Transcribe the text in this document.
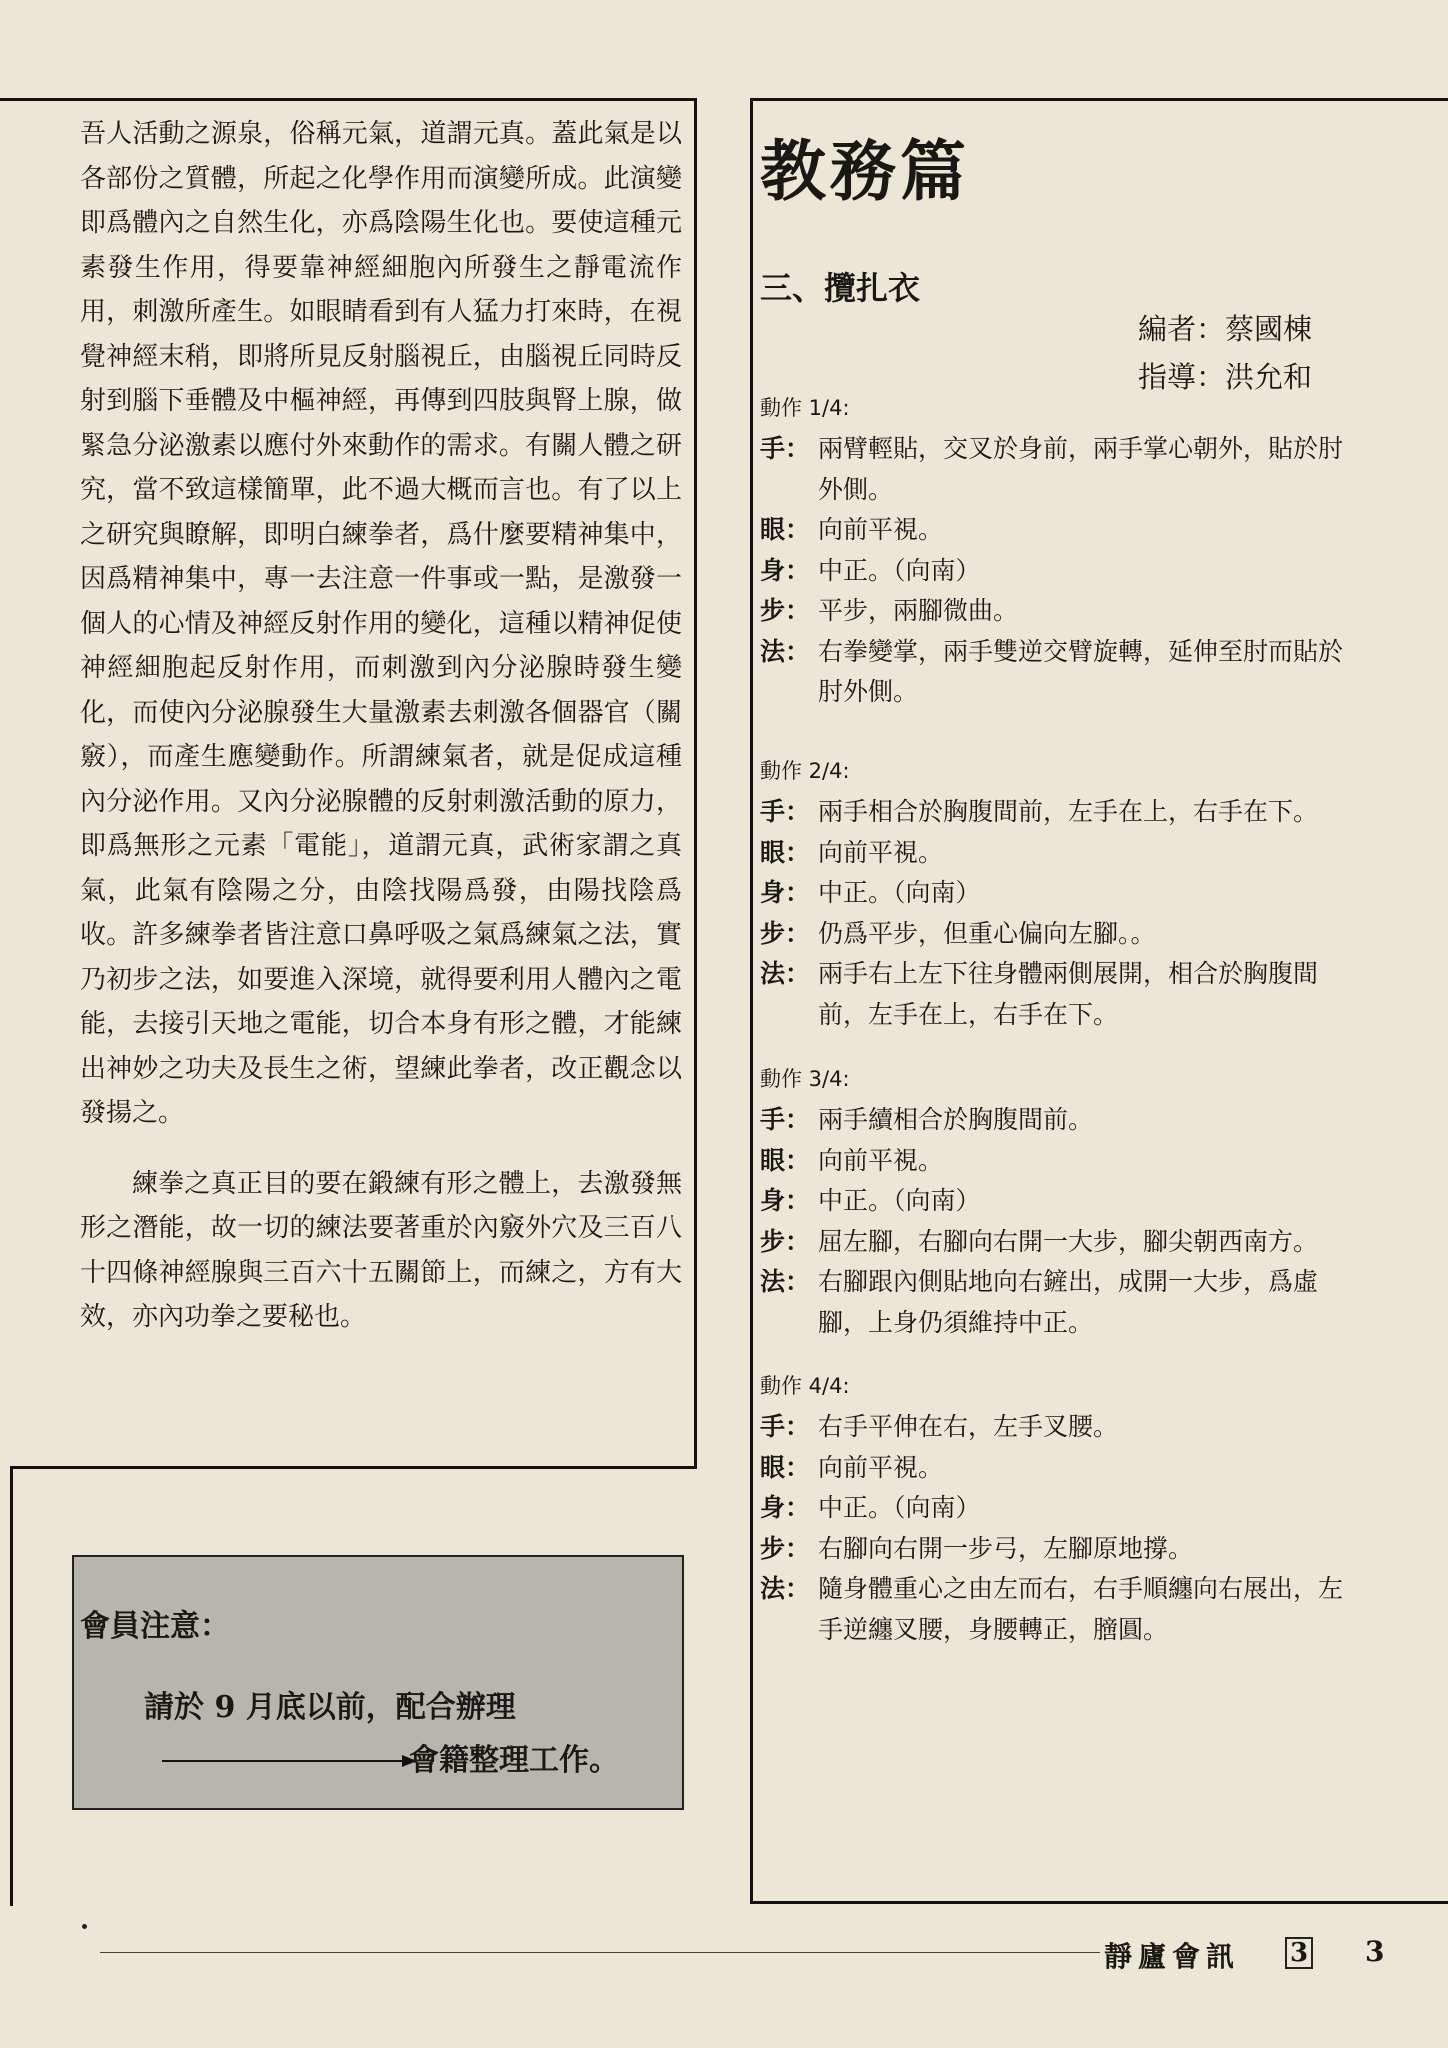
吾人活動之源泉，俗稱元氣，道謂元真。蓋此氣是以各部份之質體，所起之化學作用而演變所成。此演變即爲體內之自然生化，亦爲陰陽生化也。要使這種元素發生作用，得要靠神經細胞內所發生之靜電流作用，刺激所產生。如眼睛看到有人猛力打來時，在視覺神經末稍，即將所見反射腦視丘，由腦視丘同時反射到腦下垂體及中樞神經，再傳到四肢與腎上腺，做緊急分泌激素以應付外來動作的需求。有關人體之研究，當不致這樣簡單，此不過大概而言也。有了以上之研究與瞭解，即明白練拳者，爲什麼要精神集中，因爲精神集中，專一去注意一件事或一點，是激發一個人的心情及神經反射作用的變化，這種以精神促使神經細胞起反射作用，而刺激到內分泌腺時發生變化，而使內分泌腺發生大量激素去刺激各個器官（關竅），而產生應變動作。所謂練氣者，就是促成這種內分泌作用。又內分泌腺體的反射刺激活動的原力，即爲無形之元素「電能」，道謂元真，武術家謂之真氣，此氣有陰陽之分，由陰找陽爲發，由陽找陰爲收。許多練拳者皆注意口鼻呼吸之氣爲練氣之法，實乃初步之法，如要進入深境，就得要利用人體內之電能，去接引天地之電能，切合本身有形之體，才能練出神妙之功夫及長生之術，望練此拳者，改正觀念以發揚之。

練拳之真正目的要在鍛練有形之體上，去激發無形之潛能，故一切的練法要著重於內竅外穴及三百八十四條神經腺與三百六十五關節上，而練之，方有大效，亦內功拳之要秘也。

會員注意：
請於 9 月底以前，配合辦理
會籍整理工作。
教務篇
三、攬扎衣
編者：蔡國棟
指導：洪允和
動作 1/4:
手： 兩臂輕貼，交叉於身前，兩手掌心朝外，貼於肘外側。
眼： 向前平視。
身： 中正。（向南）
步： 平步，兩腳微曲。
法： 右拳變掌，兩手雙逆交臂旋轉，延伸至肘而貼於肘外側。
動作 2/4:
手： 兩手相合於胸腹間前，左手在上，右手在下。
眼： 向前平視。
身： 中正。（向南）
步： 仍爲平步，但重心偏向左腳。。
法： 兩手右上左下往身體兩側展開，相合於胸腹間前，左手在上，右手在下。
動作 3/4:
手： 兩手續相合於胸腹間前。
眼： 向前平視。
身： 中正。（向南）
步： 屈左腳，右腳向右開一大步，腳尖朝西南方。
法： 右腳跟內側貼地向右鏟出，成開一大步，爲虛腳，上身仍須維持中正。
動作 4/4:
手： 右手平伸在右，左手叉腰。
眼： 向前平視。
身： 中正。（向南）
步： 右腳向右開一步弓，左腳原地撐。
法： 隨身體重心之由左而右，右手順纏向右展出，左手逆纏叉腰，身腰轉正，膪圓。
靜廬會訊 3 3
